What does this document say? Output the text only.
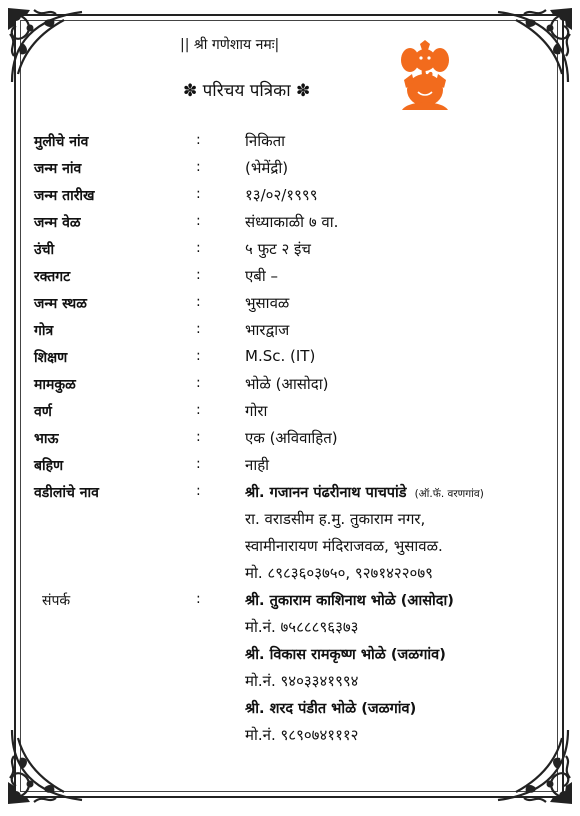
|| श्री गणेशाय नमः|
✽ परिचय पत्रिका ✽
मुलीचे नांव	:	निकिता
जन्म नांव	:	(भेमेंद्री)
जन्म तारीख	:	१३/०२/१९९९
जन्म वेळ	:	संध्याकाळी ७ वा.
उंची	:	५ फुट २ इंच
रक्तगट	:	एबी –
जन्म स्थळ	:	भुसावळ
गोत्र	:	भारद्वाज
शिक्षण	:	M.Sc. (IT)
मामकुळ	:	भोळे (आसोदा)
वर्ण	:	गोरा
भाऊ	:	एक (अविवाहित)
बहिण	:	नाही
वडीलांचे नाव	:	श्री. गजानन पंढरीनाथ पाचपांडे (ऑ.फॅ. वरणगांव)
रा. वराडसीम ह.मु. तुकाराम नगर,
स्वामीनारायण मंदिराजवळ, भुसावळ.
मो. ८९८३६०३७५०, ९२७१४२२०७९
संपर्क	:	श्री. तुकाराम काशिनाथ भोळे (आसोदा)
मो.नं. ७५८८८९६३७३
श्री. विकास रामकृष्ण भोळे (जळगांव)
मो.नं. ९४०३३४१९९४
श्री. शरद पंडीत भोळे (जळगांव)
मो.नं. ९८९०७४१११२
